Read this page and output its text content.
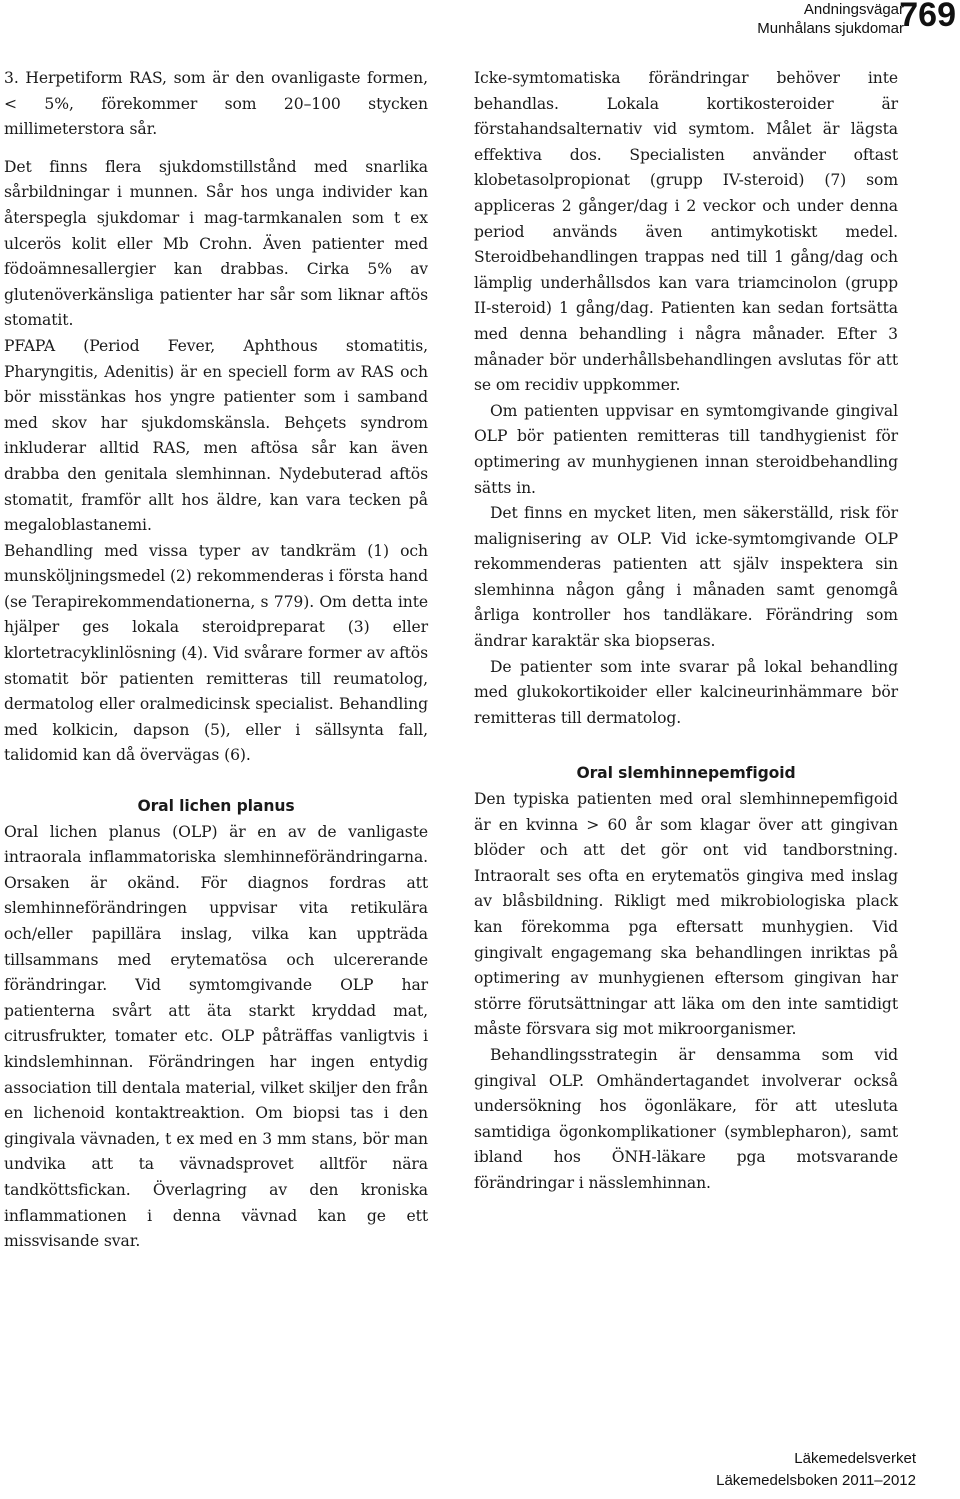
Andningsvägar
Munhålans sjukdomar
769

3. Herpetiform RAS, som är den ovanligaste formen, < 5%, förekommer som 20–100 stycken millimeterstora sår.

Det finns flera sjukdomstillstånd med snarlika sårbildningar i munnen. Sår hos unga individer kan återspegla sjukdomar i mag-tarmkanalen som t ex ulcerös kolit eller Mb Crohn. Även patienter med födoämnesallergier kan drabbas. Cirka 5% av glutenöverkänsliga patienter har sår som liknar aftös stomatit.

PFAPA (Period Fever, Aphthous stomatitis, Pharyngitis, Adenitis) är en speciell form av RAS och bör misstänkas hos yngre patienter som i samband med skov har sjukdomskänsla. Behçets syndrom inkluderar alltid RAS, men aftösa sår kan även drabba den genitala slemhinnan. Nydebuterad aftös stomatit, framför allt hos äldre, kan vara tecken på megaloblastanemi.

Behandling med vissa typer av tandkräm (1) och munsköljningsmedel (2) rekommenderas i första hand (se Terapirekommendationerna, s 779). Om detta inte hjälper ges lokala steroidpreparat (3) eller klortetracyklinlösning (4). Vid svårare former av aftös stomatit bör patienten remitteras till reumatolog, dermatolog eller oralmedicinsk specialist. Behandling med kolkicin, dapson (5), eller i sällsynta fall, talidomid kan då övervägas (6).

Oral lichen planus

Oral lichen planus (OLP) är en av de vanligaste intraorala inflammatoriska slemhinneförändringarna. Orsaken är okänd. För diagnos fordras att slemhinneförändringen uppvisar vita retikulära och/eller papillära inslag, vilka kan uppträda tillsammans med erytematösa och ulcererande förändringar. Vid symtomgivande OLP har patienterna svårt att äta starkt kryddad mat, citrusfrukter, tomater etc. OLP påträffas vanligtvis i kindslemhinnan. Förändringen har ingen entydig association till dentala material, vilket skiljer den från en lichenoid kontaktreaktion. Om biopsi tas i den gingivala vävnaden, t ex med en 3 mm stans, bör man undvika att ta vävnadsprovet alltför nära tandköttsfickan. Överlagring av den kroniska inflammationen i denna vävnad kan ge ett missvisande svar.

Icke-symtomatiska förändringar behöver inte behandlas. Lokala kortikosteroider är förstahandsalternativ vid symtom. Målet är lägsta effektiva dos. Specialisten använder oftast klobetasolpropionat (grupp IV-steroid) (7) som appliceras 2 gånger/dag i 2 veckor och under denna period används även antimykotiskt medel. Steroidbehandlingen trappas ned till 1 gång/dag och lämplig underhållsdos kan vara triamcinolon (grupp II-steroid) 1 gång/dag. Patienten kan sedan fortsätta med denna behandling i några månader. Efter 3 månader bör underhållsbehandlingen avslutas för att se om recidiv uppkommer.

Om patienten uppvisar en symtomgivande gingival OLP bör patienten remitteras till tandhygienist för optimering av munhygienen innan steroidbehandling sätts in.

Det finns en mycket liten, men säkerställd, risk för malignisering av OLP. Vid icke-symtomgivande OLP rekommenderas patienten att själv inspektera sin slemhinna någon gång i månaden samt genomgå årliga kontroller hos tandläkare. Förändring som ändrar karaktär ska biopseras.

De patienter som inte svarar på lokal behandling med glukokortikoider eller kalcineurinhämmare bör remitteras till dermatolog.

Oral slemhinnepemfigoid

Den typiska patienten med oral slemhinnepemfigoid är en kvinna > 60 år som klagar över att gingivan blöder och att det gör ont vid tandborstning. Intraoralt ses ofta en erytematös gingiva med inslag av blåsbildning. Rikligt med mikrobiologiska plack kan förekomma pga eftersatt munhygien. Vid gingivalt engagemang ska behandlingen inriktas på optimering av munhygienen eftersom gingivan har större förutsättningar att läka om den inte samtidigt måste försvara sig mot mikroorganismer.

Behandlingsstrategin är densamma som vid gingival OLP. Omhändertagandet involverar också undersökning hos ögonläkare, för att utesluta samtidiga ögonkomplikationer (symblepharon), samt ibland hos ÖNH-läkare pga motsvarande förändringar i nässlemhinnan.

Läkemedelsverket
Läkemedelsboken 2011–2012
